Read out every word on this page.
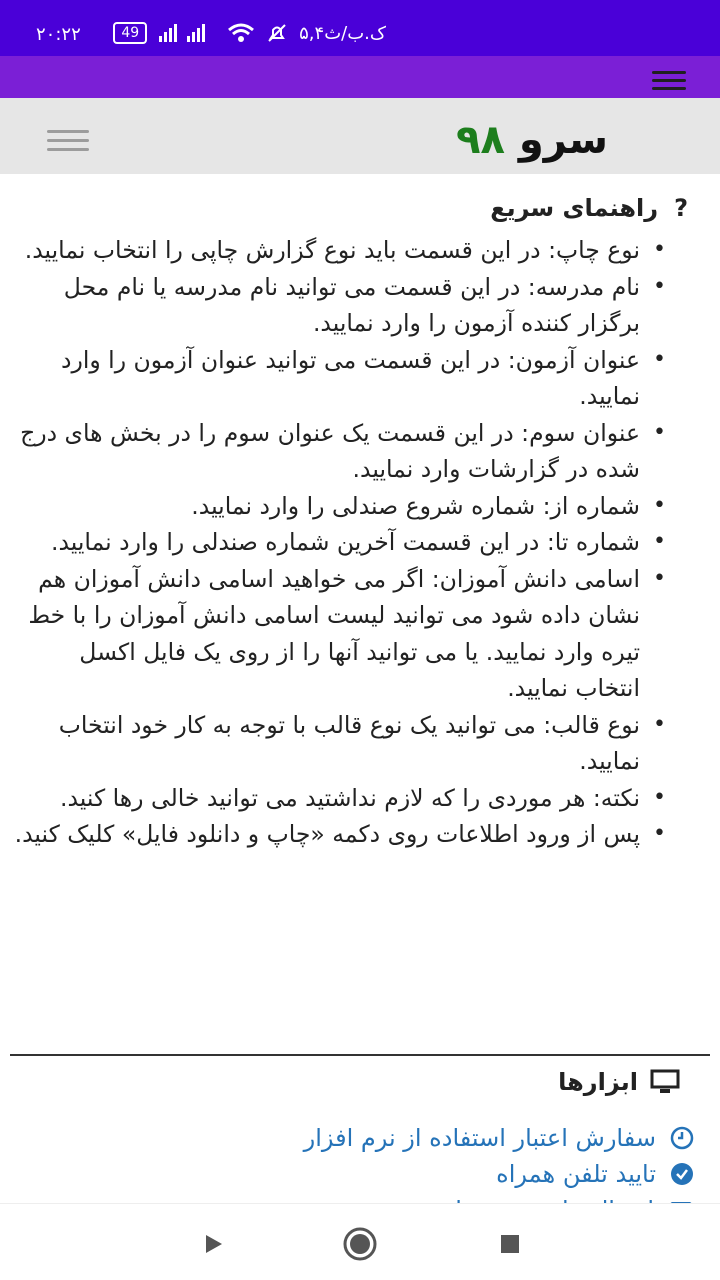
۲۰:۲۲	49	۵,۴ک.ب/ث
سرو ۹۸
?
راهنمای سریع
• نوع چاپ: در این قسمت باید نوع گزارش چاپی را انتخاب نمایید.
• نام مدرسه: در این قسمت می توانید نام مدرسه یا نام محل برگزار کننده آزمون را وارد نمایید.
• عنوان آزمون: در این قسمت می توانید عنوان آزمون را وارد نمایید.
• عنوان سوم: در این قسمت یک عنوان سوم را در بخش های درج شده در گزارشات وارد نمایید.
• شماره از: شماره شروع صندلی را وارد نمایید.
• شماره تا: در این قسمت آخرین شماره صندلی را وارد نمایید.
• اسامی دانش آموزان: اگر می خواهید اسامی دانش آموزان هم نشان داده شود می توانید لیست اسامی دانش آموزان را با خط تیره وارد نمایید. یا می توانید آنها را از روی یک فایل اکسل انتخاب نمایید.
• نوع قالب: می توانید یک نوع قالب با توجه به کار خود انتخاب نمایید.
• نکته: هر موردی را که لازم نداشتید می توانید خالی رها کنید.
• پس از ورود اطلاعات روی دکمه «چاپ و دانلود فایل» کلیک کنید.
ابزارها
سفارش اعتبار استفاده از نرم افزار
تایید تلفن همراه
